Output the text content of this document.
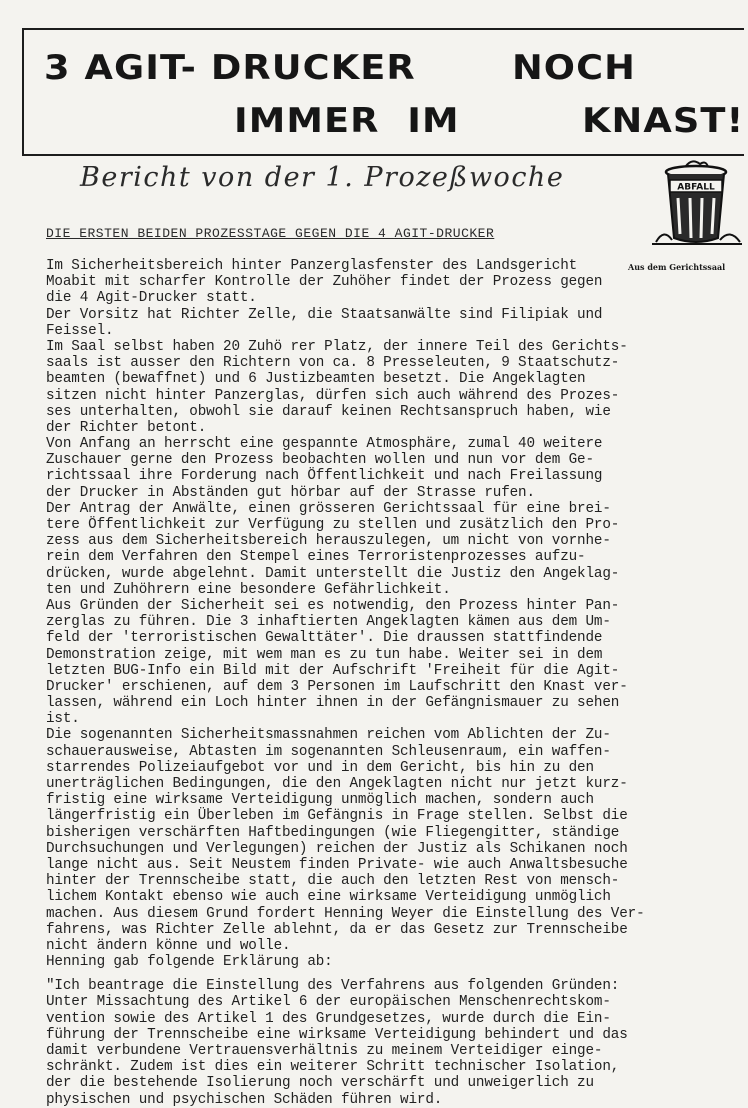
3 AGIT- DRUCKER	NOCH
IMMER  IM	KNAST!
Bericht von der 1. Prozeßwoche	ABFALL
Aus dem Gerichtssaal
DIE ERSTEN BEIDEN PROZESSTAGE GEGEN DIE 4 AGIT-DRUCKER
Im Sicherheitsbereich hinter Panzerglasfenster des Landsgericht
Moabit mit scharfer Kontrolle der Zuhöher findet der Prozess gegen
die 4 Agit-Drucker statt.
Der Vorsitz hat Richter Zelle, die Staatsanwälte sind Filipiak und
Feissel.
Im Saal selbst haben 20 Zuhö rer Platz, der innere Teil des Gerichts-
saals ist ausser den Richtern von ca. 8 Presseleuten, 9 Staatschutz-
beamten (bewaffnet) und 6 Justizbeamten besetzt. Die Angeklagten
sitzen nicht hinter Panzerglas, dürfen sich auch während des Prozes-
ses unterhalten, obwohl sie darauf keinen Rechtsanspruch haben, wie
der Richter betont.
Von Anfang an herrscht eine gespannte Atmosphäre, zumal 40 weitere
Zuschauer gerne den Prozess beobachten wollen und nun vor dem Ge-
richtssaal ihre Forderung nach Öffentlichkeit und nach Freilassung
der Drucker in Abständen gut hörbar auf der Strasse rufen.
Der Antrag der Anwälte, einen grösseren Gerichtssaal für eine brei-
tere Öffentlichkeit zur Verfügung zu stellen und zusätzlich den Pro-
zess aus dem Sicherheitsbereich herauszulegen, um nicht von vornhe-
rein dem Verfahren den Stempel eines Terroristenprozesses aufzu-
drücken, wurde abgelehnt. Damit unterstellt die Justiz den Angeklag-
ten und Zuhöhrern eine besondere Gefährlichkeit.
Aus Gründen der Sicherheit sei es notwendig, den Prozess hinter Pan-
zerglas zu führen. Die 3 inhaftierten Angeklagten kämen aus dem Um-
feld der 'terroristischen Gewalttäter'. Die draussen stattfindende
Demonstration zeige, mit wem man es zu tun habe. Weiter sei in dem
letzten BUG-Info ein Bild mit der Aufschrift 'Freiheit für die Agit-
Drucker' erschienen, auf dem 3 Personen im Laufschritt den Knast ver-
lassen, während ein Loch hinter ihnen in der Gefängnismauer zu sehen
ist.
Die sogenannten Sicherheitsmassnahmen reichen vom Ablichten der Zu-
schauerausweise, Abtasten im sogenannten Schleusenraum, ein waffen-
starrendes Polizeiaufgebot vor und in dem Gericht, bis hin zu den
unerträglichen Bedingungen, die den Angeklagten nicht nur jetzt kurz-
fristig eine wirksame Verteidigung unmöglich machen, sondern auch
längerfristig ein Überleben im Gefängnis in Frage stellen. Selbst die
bisherigen verschärften Haftbedingungen (wie Fliegengitter, ständige
Durchsuchungen und Verlegungen) reichen der Justiz als Schikanen noch
lange nicht aus. Seit Neustem finden Private- wie auch Anwaltsbesuche
hinter der Trennscheibe statt, die auch den letzten Rest von mensch-
lichem Kontakt ebenso wie auch eine wirksame Verteidigung unmöglich
machen. Aus diesem Grund fordert Henning Weyer die Einstellung des Ver-
fahrens, was Richter Zelle ablehnt, da er das Gesetz zur Trennscheibe
nicht ändern könne und wolle.
Henning gab folgende Erklärung ab:
"Ich beantrage die Einstellung des Verfahrens aus folgenden Gründen:
Unter Missachtung des Artikel 6 der europäischen Menschenrechtskom-
vention sowie des Artikel 1 des Grundgesetzes, wurde durch die Ein-
führung der Trennscheibe eine wirksame Verteidigung behindert und das
damit verbundene Vertrauensverhältnis zu meinem Verteidiger einge-
schränkt. Zudem ist dies ein weiterer Schritt technischer Isolation,
der die bestehende Isolierung noch verschärft und unweigerlich zu
physischen und psychischen Schäden führen wird.
